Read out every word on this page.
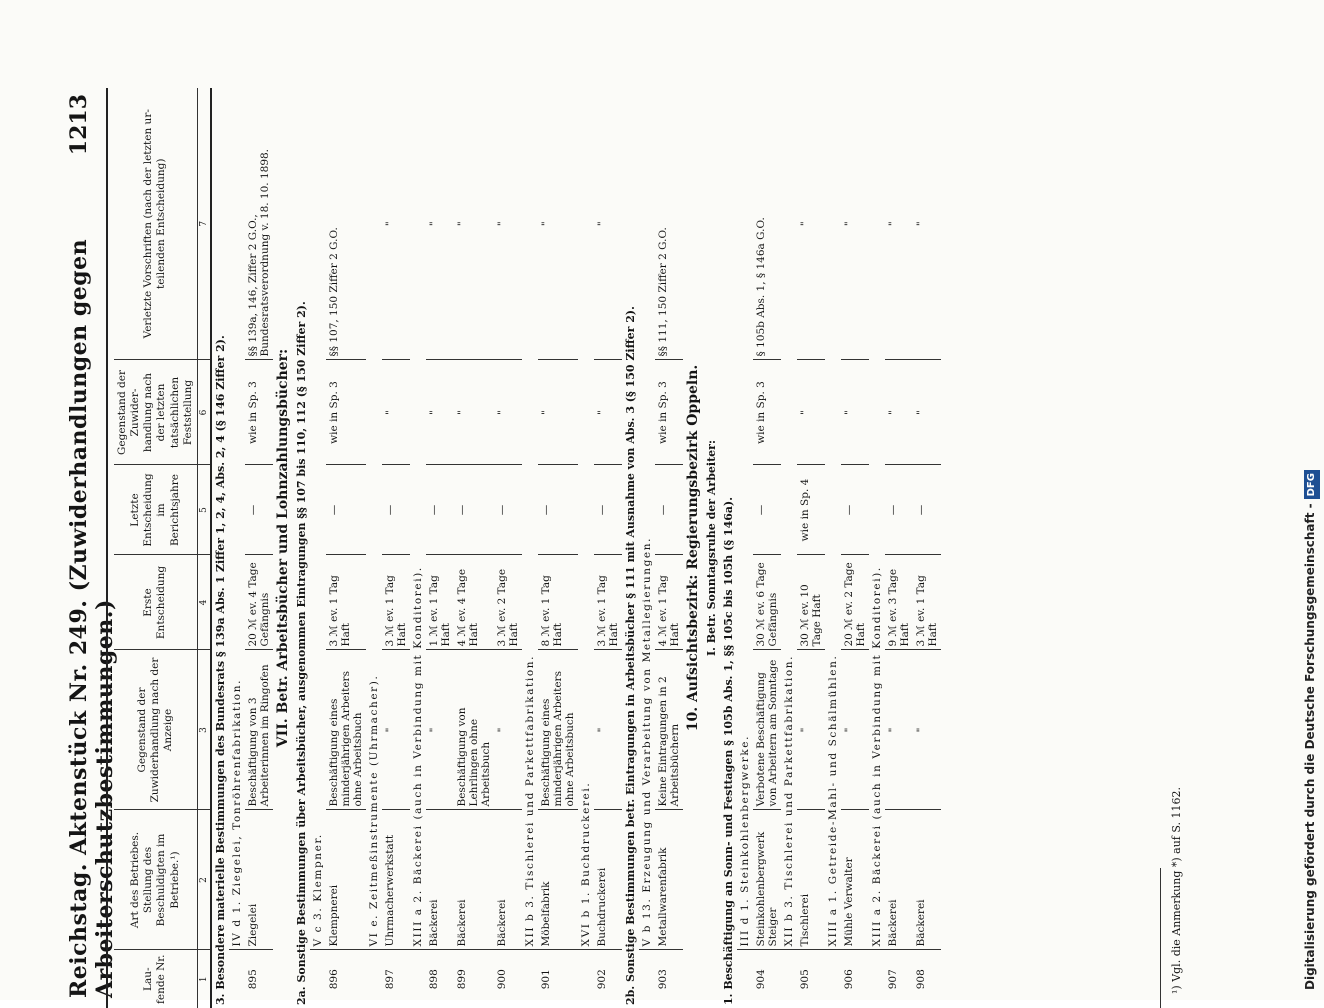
Reichstag. Aktenstück Nr. 249. (Zuwiderhandlungen gegen Arbeiterschutzbestimmungen.)
1213
Lau-fende Nr.	Art des Betriebes. Stellung des Beschuldigten im Betriebe.¹)	Gegenstand der Zuwiderhandlung nach der Anzeige	Erste Entscheidung	Letzte Entscheidung im Berichtsjahre	Gegenstand der Zuwider-handlung nach der letzten tatsächlichen Feststellung	Verletzte Vorschriften (nach der letzten ur-teilenden Entscheidung)
1	2	3	4	5	6	7
3. Besondere materielle Bestimmungen des Bundesrats § 139a Abs. 1 Ziffer 1, 2, 4, Abs. 2, 4 (§ 146 Ziffer 2).						
	IV d 1. Ziegelei, Tonröhrenfabrikation.					
895	Ziegelei	Beschäftigung von 3 Arbeiterinnen im Ringofen	20 ℳ ev. 4 Tage Gefängnis	—	wie in Sp. 3	§§ 139a, 146, Ziffer 2 G.O., Bundesratsverordnung v. 18. 10. 1898.
VII. Betr. Arbeitsbücher und Lohnzahlungsbücher:						
2a. Sonstige Bestimmungen über Arbeitsbücher, ausgenommen Eintragungen §§ 107 bis 110, 112 (§ 150 Ziffer 2).						
	V c 3. Klempner.					
896	Klempnerei	Beschäftigung eines minderjährigen Arbeiters ohne Arbeitsbuch	3 ℳ ev. 1 Tag Haft	—	wie in Sp. 3	§§ 107, 150 Ziffer 2 G.O.
	VI e. Zeitmeßinstrumente (Uhrmacher).					
897	Uhrmacherwerkstatt	"	3 ℳ ev. 1 Tag Haft	—	"	"
	XIII a 2. Bäckerei (auch in Verbindung mit Konditorei).					
898	Bäckerei	"	1 ℳ ev. 1 Tag Haft	—	"	"
899	Bäckerei	Beschäftigung von Lehrlingen ohne Arbeitsbuch	4 ℳ ev. 4 Tage Haft	—	"	"
900	Bäckerei	"	3 ℳ ev. 2 Tage Haft	—	"	"
	XII b 3. Tischlerei und Parkettfabrikation.					
901	Möbelfabrik	Beschäftigung eines minderjährigen Arbeiters ohne Arbeitsbuch	8 ℳ ev. 1 Tag Haft	—	"	"
	XVI b 1. Buchdruckerei.					
902	Buchdruckerei	"	3 ℳ ev. 1 Tag Haft	—	"	"
2b. Sonstige Bestimmungen betr. Eintragungen in Arbeitsbücher § 111 mit Ausnahme von Abs. 3 (§ 150 Ziffer 2).						
	V b 13. Erzeugung und Verarbeitung von Metallegierungen.					
903	Metallwarenfabrik	Keine Eintragungen in 2 Arbeitsbüchern	4 ℳ ev. 1 Tag Haft	—	wie in Sp. 3	§§ 111, 150 Ziffer 2 G.O.
10. Aufsichtsbezirk: Regierungsbezirk Oppeln.						
I. Betr. Sonntagsruhe der Arbeiter:						
1. Beschäftigung an Sonn- und Festtagen § 105b Abs. 1, §§ 105c bis 105h (§ 146a).						
	III d 1. Steinkohlenbergwerke.					
904	Steinkohlenbergwerk Steiger	Verbotene Beschäftigung von Arbeitern am Sonntage	30 ℳ ev. 6 Tage Gefängnis	—	wie in Sp. 3	§ 105b Abs. 1, § 146a G.O.
	XII b 3. Tischlerei und Parkettfabrikation.					
905	Tischlerei	"	30 ℳ ev. 10 Tage Haft	wie in Sp. 4	"	"
	XIII a 1. Getreide-Mahl- und Schälmühlen.					
906	Mühle Verwalter	"	20 ℳ ev. 2 Tage Haft	—	"	"
	XIII a 2. Bäckerei (auch in Verbindung mit Konditorei).					
907	Bäckerei	"	9 ℳ ev. 3 Tage Haft	—	"	"
908	Bäckerei	"	3 ℳ ev. 1 Tag Haft	—	"	"
¹) Vgl. die Anmerkung *) auf S. 1162.	Digitalisierung gefördert durch die Deutsche Forschungsgemeinschaft -DFG
